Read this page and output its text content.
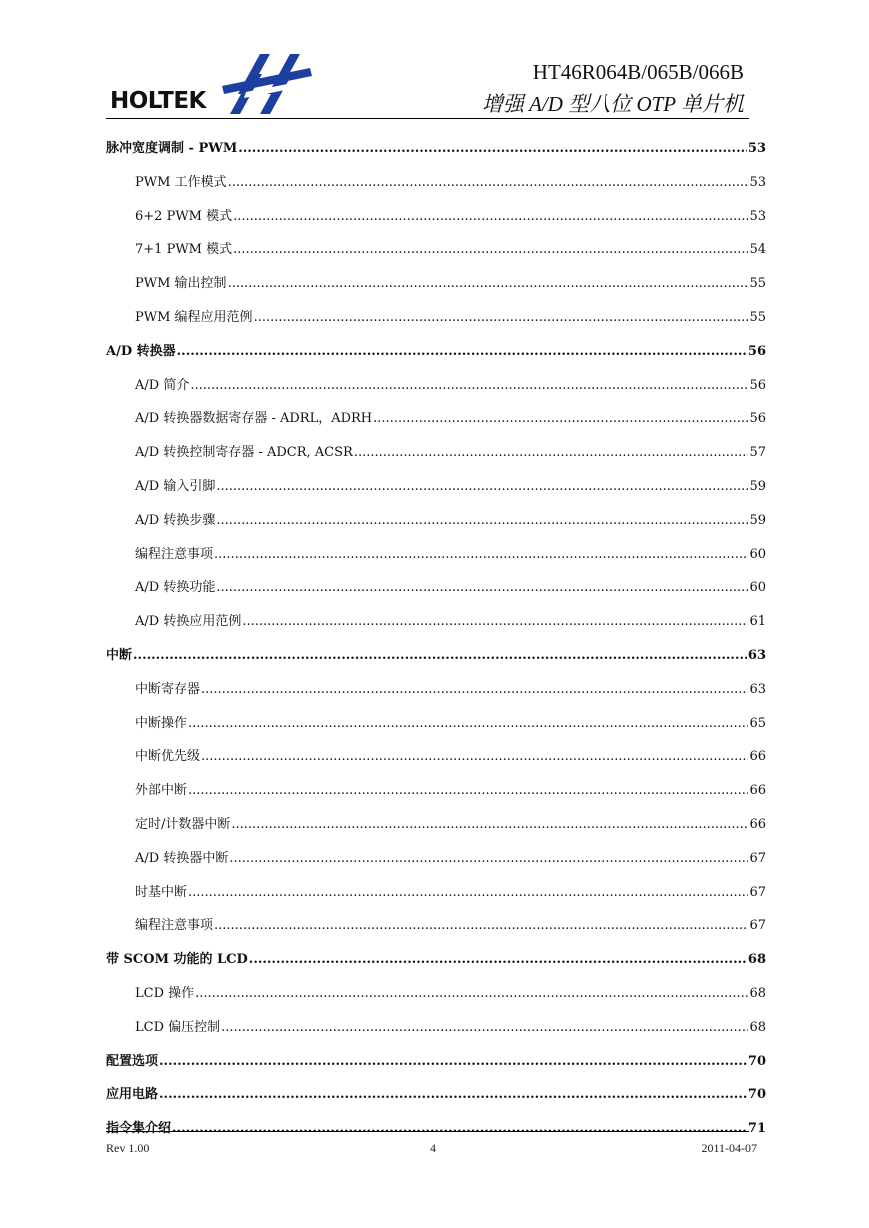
HOLTEK
HT46R064B/065B/066B
增强 A/D 型八位 OTP 单片机
脉冲宽度调制 - PWM .....	53
PWM 工作模式 .....	53
6+2 PWM 模式 .....	53
7+1 PWM 模式 .....	54
PWM 输出控制 .....	55
PWM 编程应用范例 .....	55
A/D 转换器 .....	56
A/D 简介 .....	56
A/D 转换器数据寄存器 - ADRL，ADRH .....	56
A/D 转换控制寄存器 - ADCR, ACSR .....	57
A/D 输入引脚 .....	59
A/D 转换步骤 .....	59
编程注意事项 .....	60
A/D 转换功能 .....	60
A/D 转换应用范例 .....	61
中断 .....	63
中断寄存器 .....	63
中断操作 .....	65
中断优先级 .....	66
外部中断 .....	66
定时/计数器中断 .....	66
A/D 转换器中断 .....	67
时基中断 .....	67
编程注意事项 .....	67
带 SCOM 功能的 LCD .....	68
LCD 操作 .....	68
LCD 偏压控制 .....	68
配置选项 .....	70
应用电路 .....	70
指令集介绍 .....	71
Rev 1.00	4	2011-04-07
